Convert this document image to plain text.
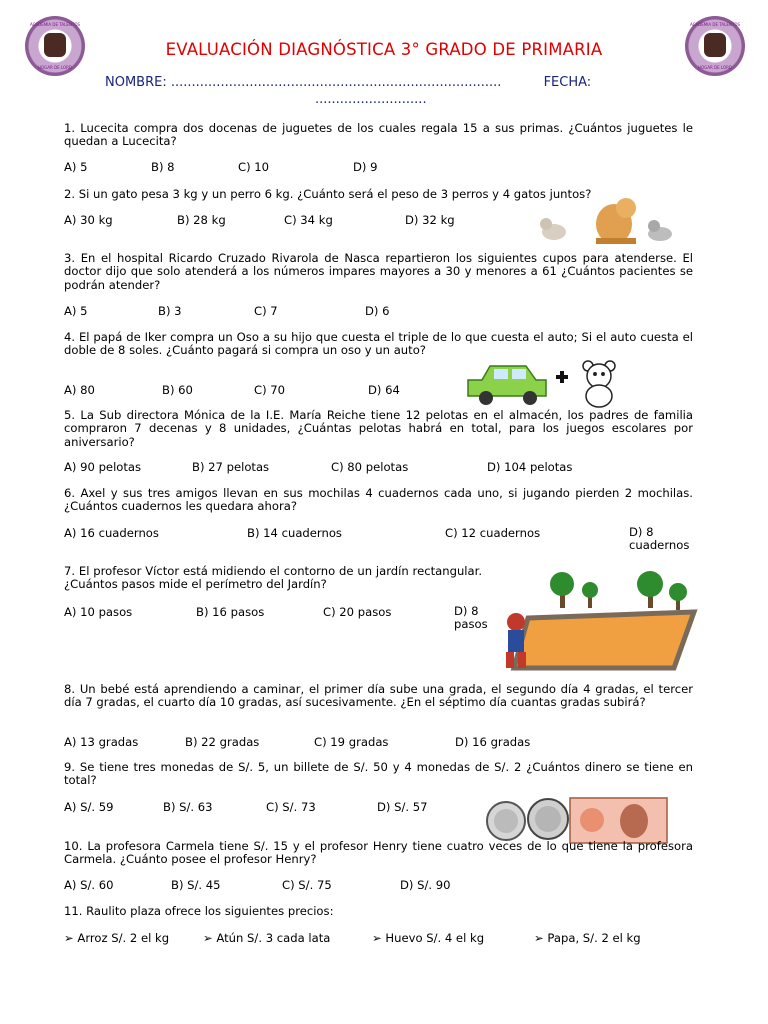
ACADEMIA DE TALENTOS
HOGAR DE LORD
ACADEMIA DE TALENTOS
HOGAR DE LORD
EVALUACIÓN DIAGNÓSTICA 3° GRADO DE PRIMARIA
NOMBRE: ................................................................................	FECHA:
...........................
1. Lucecita compra dos docenas de juguetes de los cuales regala 15 a sus primas. ¿Cuántos juguetes le quedan a Lucecita?
A) 5	B) 8	C) 10	D) 9
2. Si un gato pesa 3 kg y un perro 6 kg. ¿Cuánto será el peso de 3 perros y 4 gatos juntos?
A) 30 kg	B) 28 kg	C) 34 kg	D) 32 kg
3. En el hospital Ricardo Cruzado Rivarola de Nasca repartieron los siguientes cupos para atenderse. El doctor dijo que solo atenderá a los números impares mayores a 30 y menores a 61 ¿Cuántos pacientes se podrán atender?
A) 5	B) 3	C) 7	D) 6
4. El papá de Iker compra un Oso a su hijo que cuesta el triple de lo que cuesta el auto; Si el auto cuesta el doble de 8 soles. ¿Cuánto pagará si compra un oso y un auto?
A) 80	B) 60	C) 70	D) 64
5. La Sub directora Mónica de la I.E. María Reiche tiene 12 pelotas en el almacén, los padres de familia compraron 7 decenas y 8 unidades, ¿Cuántas pelotas habrá en total, para los juegos escolares por aniversario?
A) 90 pelotas	B) 27 pelotas	C) 80 pelotas	D) 104 pelotas
6. Axel y sus tres amigos llevan en sus mochilas 4 cuadernos cada uno, si jugando pierden 2 mochilas. ¿Cuántos cuadernos les quedara ahora?
A) 16 cuadernos	B) 14 cuadernos	C) 12 cuadernos	D) 8 cuadernos
7. El profesor Víctor está midiendo el contorno de un jardín rectangular. ¿Cuántos pasos mide el perímetro del Jardín?
A) 10 pasos	B) 16 pasos	C) 20 pasos	D) 8 pasos
8. Un bebé está aprendiendo a caminar, el primer día sube una grada, el segundo día 4 gradas, el tercer día 7 gradas, el cuarto día 10 gradas, así sucesivamente. ¿En el séptimo día cuantas gradas subirá?
A) 13 gradas	B) 22 gradas	C) 19 gradas	D) 16 gradas
9. Se tiene tres monedas de S/. 5, un billete de S/. 50 y 4 monedas de S/. 2 ¿Cuántos dinero se tiene en total?
A) S/. 59	B) S/. 63	C) S/. 73	D) S/. 57
10. La profesora Carmela tiene S/. 15 y el profesor Henry tiene cuatro veces de lo que tiene la profesora Carmela. ¿Cuánto posee el profesor Henry?
A) S/. 60	B) S/. 45	C) S/. 75	D) S/. 90
11. Raulito plaza ofrece los siguientes precios:
➢ Arroz S/. 2 el kg	➢ Atún S/. 3 cada lata	➢ Huevo S/. 4 el kg	➢ Papa, S/. 2 el kg
